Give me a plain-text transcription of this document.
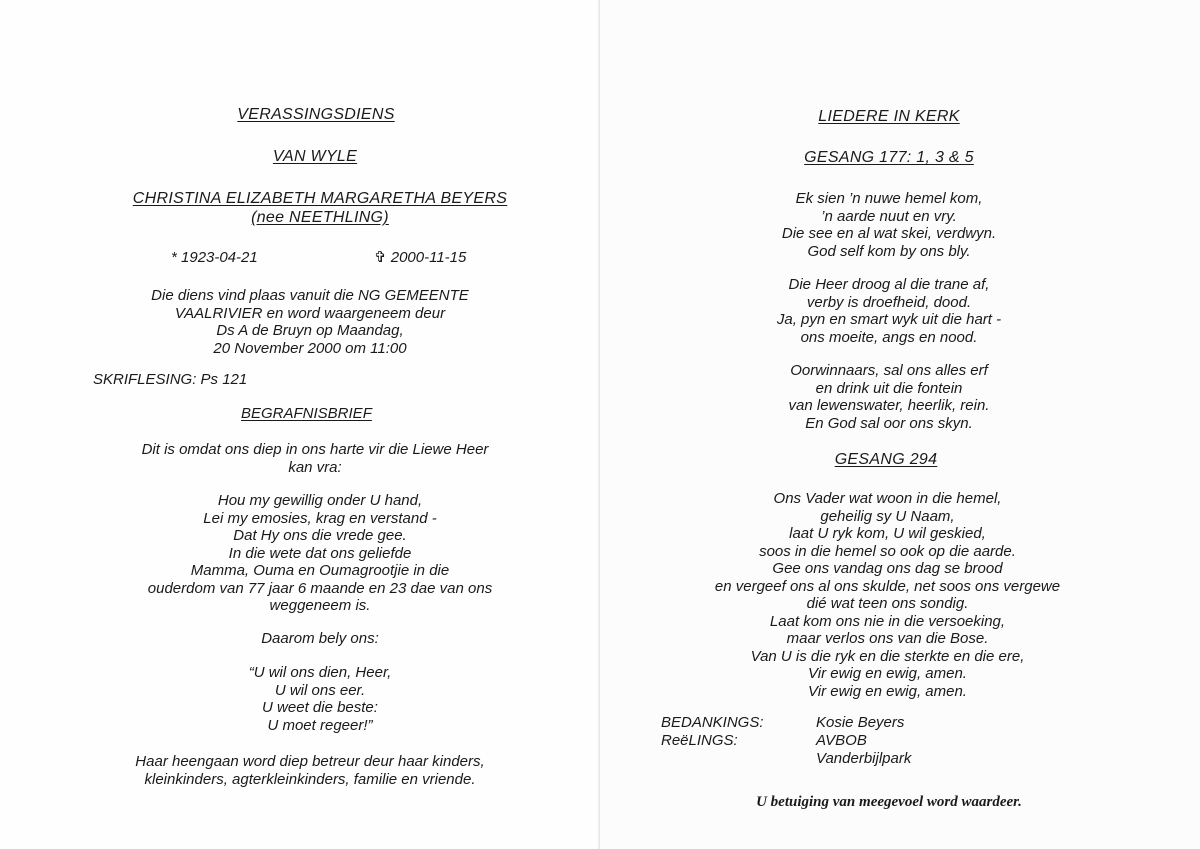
VERASSINGSDIENS
VAN WYLE
CHRISTINA ELIZABETH MARGARETHA BEYERS
(nee NEETHLING)
* 1923-04-21	✞ 2000-11-15
Die diens vind plaas vanuit die NG GEMEENTE
VAALRIVIER en word waargeneem deur
Ds A de Bruyn op Maandag,
20 November 2000 om 11:00
SKRIFLESING: Ps 121
BEGRAFNISBRIEF
Dit is omdat ons diep in ons harte vir die Liewe Heer
kan vra:
Hou my gewillig onder U hand,
Lei my emosies, krag en verstand -
Dat Hy ons die vrede gee.
In die wete dat ons geliefde
Mamma, Ouma en Oumagrootjie in die
ouderdom van 77 jaar 6 maande en 23 dae van ons
weggeneem is.
Daarom bely ons:
“U wil ons dien, Heer,
U wil ons eer.
U weet die beste:
U moet regeer!”
Haar heengaan word diep betreur deur haar kinders,
kleinkinders, agterkleinkinders, familie en vriende.
LIEDERE IN KERK
GESANG 177: 1, 3 & 5
Ek sien ’n nuwe hemel kom,
’n aarde nuut en vry.
Die see en al wat skei, verdwyn.
God self kom by ons bly.
Die Heer droog al die trane af,
verby is droefheid, dood.
Ja, pyn en smart wyk uit die hart -
ons moeite, angs en nood.
Oorwinnaars, sal ons alles erf
en drink uit die fontein
van lewenswater, heerlik, rein.
En God sal oor ons skyn.
GESANG 294
Ons Vader wat woon in die hemel,
geheilig sy U Naam,
laat U ryk kom, U wil geskied,
soos in die hemel so ook op die aarde.
Gee ons vandag ons dag se brood
en vergeef ons al ons skulde, net soos ons vergewe
dié wat teen ons sondig.
Laat kom ons nie in die versoeking,
maar verlos ons van die Bose.
Van U is die ryk en die sterkte en die ere,
Vir ewig en ewig, amen.
Vir ewig en ewig, amen.
BEDANKINGS:	Kosie Beyers
ReëLINGS:	AVBOB
Vanderbijlpark
U betuiging van meegevoel word waardeer.
